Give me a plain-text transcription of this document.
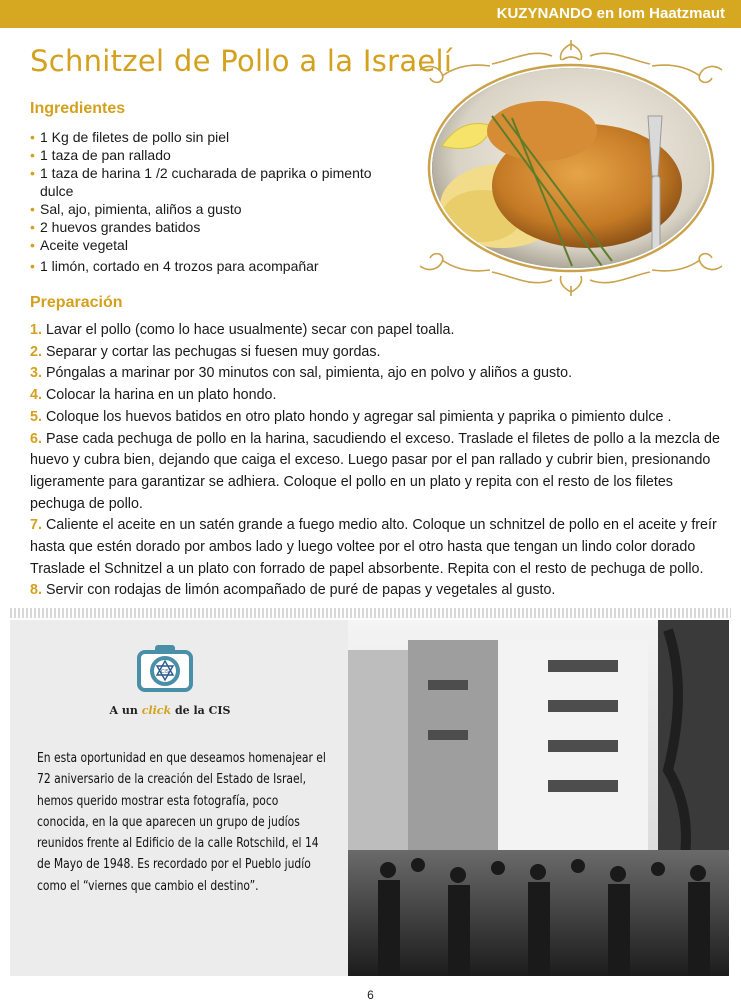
KUZYNANDO en Iom Haatzmaut
Schnitzel de Pollo a la Israelí
Ingredientes
• 1 Kg de filetes de pollo sin piel
• 1 taza de pan rallado
• 1 taza de harina 1 /2 cucharada de paprika o pimento dulce
• Sal, ajo, pimienta, aliños a gusto
• 2 huevos grandes batidos
• Aceite vegetal
• 1 limón, cortado en 4 trozos para acompañar
Preparación
1. Lavar el pollo (como lo hace usualmente) secar con papel toalla.
2. Separar y cortar las pechugas si fuesen muy gordas.
3. Póngalas a marinar por 30 minutos con sal, pimienta, ajo en polvo y aliños a gusto.
4. Colocar la harina en un plato hondo.
5. Coloque los huevos batidos en otro plato hondo y agregar sal pimienta y paprika o pimiento dulce .
6. Pase cada pechuga de pollo en la harina, sacudiendo el exceso. Traslade el filetes de pollo a la mezcla de huevo y cubra bien, dejando que caiga el exceso. Luego pasar por el pan rallado y cubrir bien, presionando ligeramente para garantizar se adhiera. Coloque el pollo en un plato y repita con el resto de los filetes pechuga de pollo.
7. Caliente el aceite en un satén grande a fuego medio alto. Coloque un schnitzel de pollo en el aceite y freír hasta que estén dorado por ambos lado y luego voltee por el otro hasta que tengan un lindo color dorado Traslade el Schnitzel a un plato con forrado de papel absorbente. Repita con el resto de pechuga de pollo.
8. Servir con rodajas de limón acompañado de puré de papas y vegetales al gusto.
CIS
A un click de la CIS
En esta oportunidad en que deseamos homenajear el 72 aniversario de la creación del Estado de Israel, hemos querido mostrar esta fotografía, poco conocida, en la que aparecen un grupo de judíos reunidos frente al Edificio de la calle Rotschild, el 14 de Mayo de 1948. Es recordado por el Pueblo judío como el “viernes que cambio el destino”.
6
